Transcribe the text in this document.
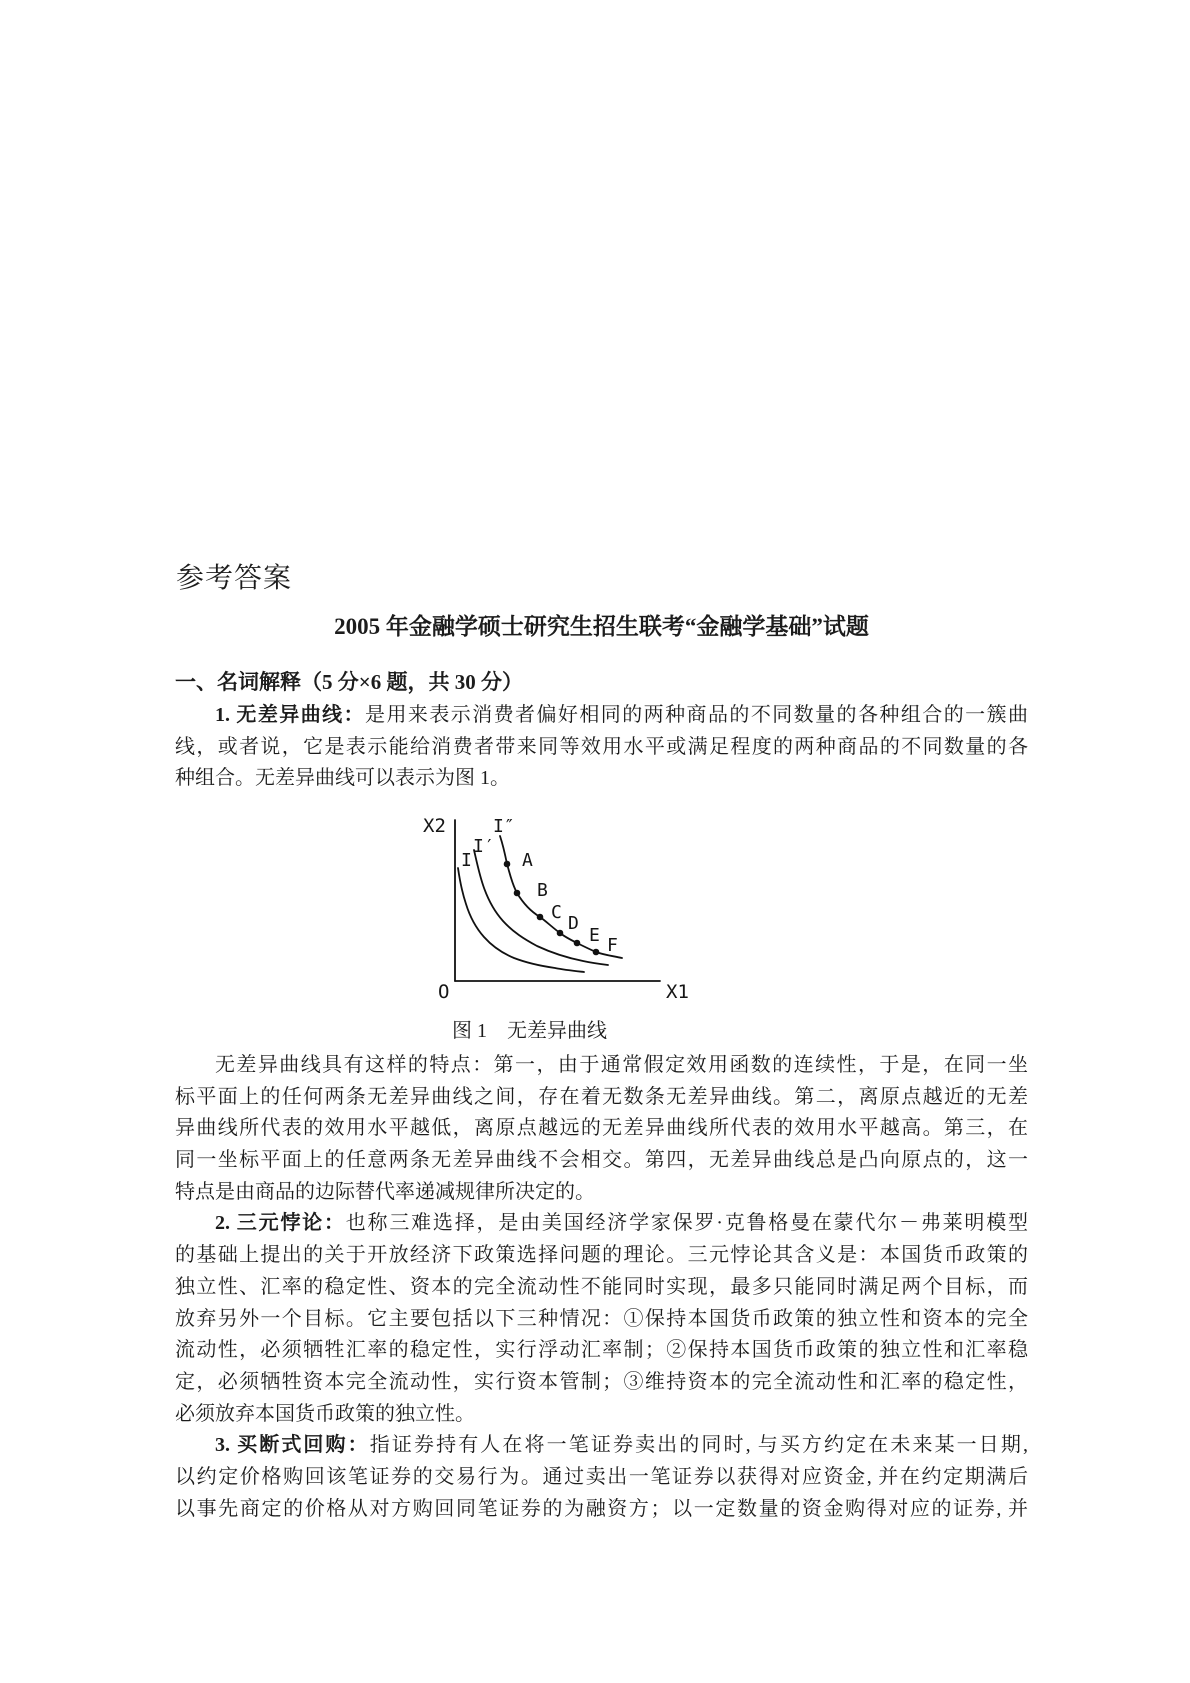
参考答案
2005 年金融学硕士研究生招生联考“金融学基础”试题
一、名词解释（5 分×6 题，共 30 分）
1. 无差异曲线：是用来表示消费者偏好相同的两种商品的不同数量的各种组合的一簇曲
线，或者说，它是表示能给消费者带来同等效用水平或满足程度的两种商品的不同数量的各
种组合。无差异曲线可以表示为图 1。
X2
X1
O
I
I′
I″
A
B
C
D
E F
图 1　无差异曲线
无差异曲线具有这样的特点：第一，由于通常假定效用函数的连续性，于是，在同一坐
标平面上的任何两条无差异曲线之间，存在着无数条无差异曲线。第二，离原点越近的无差
异曲线所代表的效用水平越低，离原点越远的无差异曲线所代表的效用水平越高。第三，在
同一坐标平面上的任意两条无差异曲线不会相交。第四，无差异曲线总是凸向原点的，这一
特点是由商品的边际替代率递减规律所决定的。
2. 三元悖论：也称三难选择，是由美国经济学家保罗·克鲁格曼在蒙代尔－弗莱明模型
的基础上提出的关于开放经济下政策选择问题的理论。三元悖论其含义是：本国货币政策的
独立性、汇率的稳定性、资本的完全流动性不能同时实现，最多只能同时满足两个目标，而
放弃另外一个目标。它主要包括以下三种情况：①保持本国货币政策的独立性和资本的完全
流动性，必须牺牲汇率的稳定性，实行浮动汇率制；②保持本国货币政策的独立性和汇率稳
定，必须牺牲资本完全流动性，实行资本管制；③维持资本的完全流动性和汇率的稳定性，
必须放弃本国货币政策的独立性。
3. 买断式回购：指证券持有人在将一笔证券卖出的同时, 与买方约定在未来某一日期,
以约定价格购回该笔证券的交易行为。通过卖出一笔证券以获得对应资金, 并在约定期满后
以事先商定的价格从对方购回同笔证券的为融资方；以一定数量的资金购得对应的证券, 并
